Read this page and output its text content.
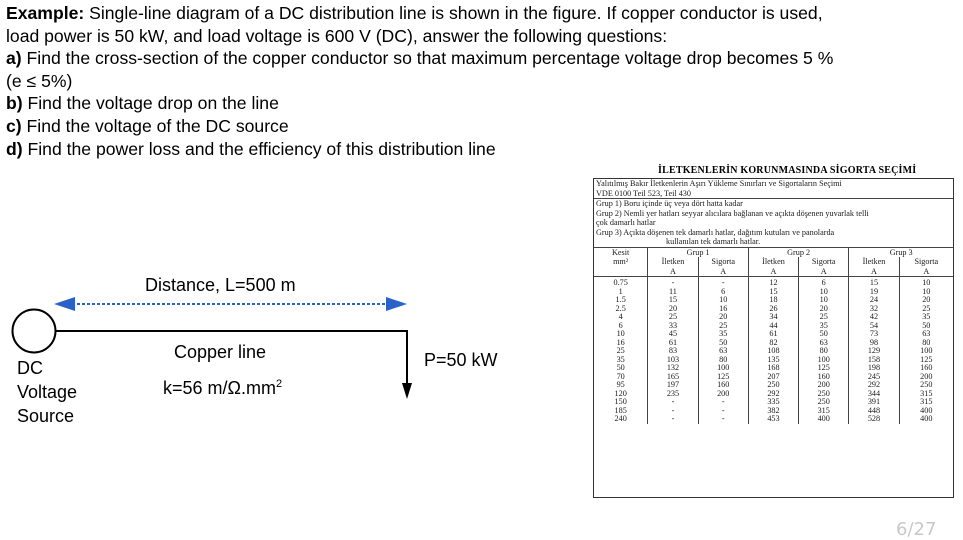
Example: Single-line diagram of a DC distribution line is shown in the figure. If copper conductor is used,
load power is 50 kW, and load voltage is 600 V (DC), answer the following questions:
a) Find the cross-section of the copper conductor so that maximum percentage voltage drop becomes 5 %
(e ≤ 5%)
b) Find the voltage drop on the line
c) Find the voltage of the DC source
d) Find the power loss and the efficiency of this distribution line
Distance, L=500 m
DC
Voltage
Source
Copper line
k=56 $m/\Omega.mm^2$
P=50 kW
İLETKENLERİN KORUNMASINDA SİGORTA SEÇİMİ
Yalıtılmış Bakır İletkenlerin Aşırı Yükleme Sınırları ve Sigortaların Seçimi
VDE 0100 Teil 523, Teil 430
Grup 1) Boru içinde üç veya dört hatta kadar
Grup 2) Nemli yer hatları seyyar alıcılara bağlanan ve açıkta döşenen yuvarlak telli
çok damarlı hatlar
Grup 3) Açıkta döşenen tek damarlı hatlar, dağıtım kutuları ve panolarda
kullanılan tek damarlı hatlar.
Kesit	Grup 1		Grup 2		Grup 3	
mm²	İletken	Sigorta	İletken	Sigorta	İletken	Sigorta
	A	A	A	A	A	A
0.75	-	-	12	6	15	10
1	11	6	15	10	19	10
1.5	15	10	18	10	24	20
2.5	20	16	26	20	32	25
4	25	20	34	25	42	35
6	33	25	44	35	54	50
10	45	35	61	50	73	63
16	61	50	82	63	98	80
25	83	63	108	80	129	100
35	103	80	135	100	158	125
50	132	100	168	125	198	160
70	165	125	207	160	245	200
95	197	160	250	200	292	250
120	235	200	292	250	344	315
150	-	-	335	250	391	315
185	-	-	382	315	448	400
240	-	-	453	400	528	400
6/27
